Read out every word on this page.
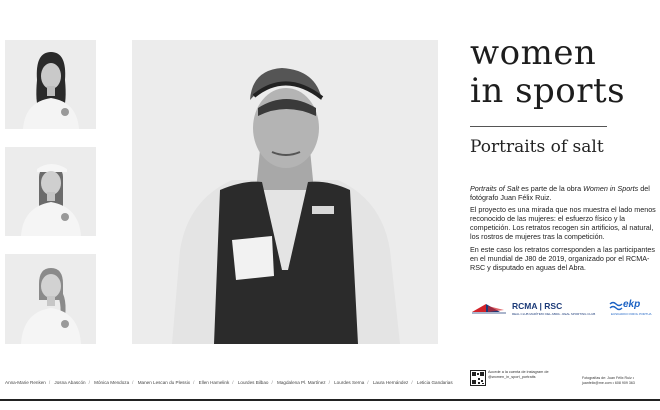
women
in sports
Portraits of salt

Portraits of Salt es parte de la obra Women in Sports del fotógrafo Juan Félix Ruiz.

El proyecto es una mirada que nos muestra el lado menos reconocido de las mujeres: el esfuerzo físico y la competición. Los retratos recogen sin artificios, al natural, los rostros de mujeres tras la competición.

En este caso los retratos corresponden a las participantes en el mundial de J80 de 2019, organizado por el RCMA-RSC y disputado en aguas del Abra.

RCMA | RSC
REAL CLUB MARÍTIMO DEL ABRA - REAL SPORTING CLUB
ekp
EUSKADIKO KIROL PORTUA
Anna-Marie Renken / Josna Abascón / Mónica Mendoza / Manen Lescan du Plessix / Ellen Hamelink / Lourdes Bilbao / Magdalena Pl. Martínez / Lourdes Serna / Laura Hernández / Leticia Gandarias
Accede a la cuenta de instagram de @women_in_sport_portraits	Fotografías de: Juan Félix Ruiz • juanfelix@me.com • 608 909 363
